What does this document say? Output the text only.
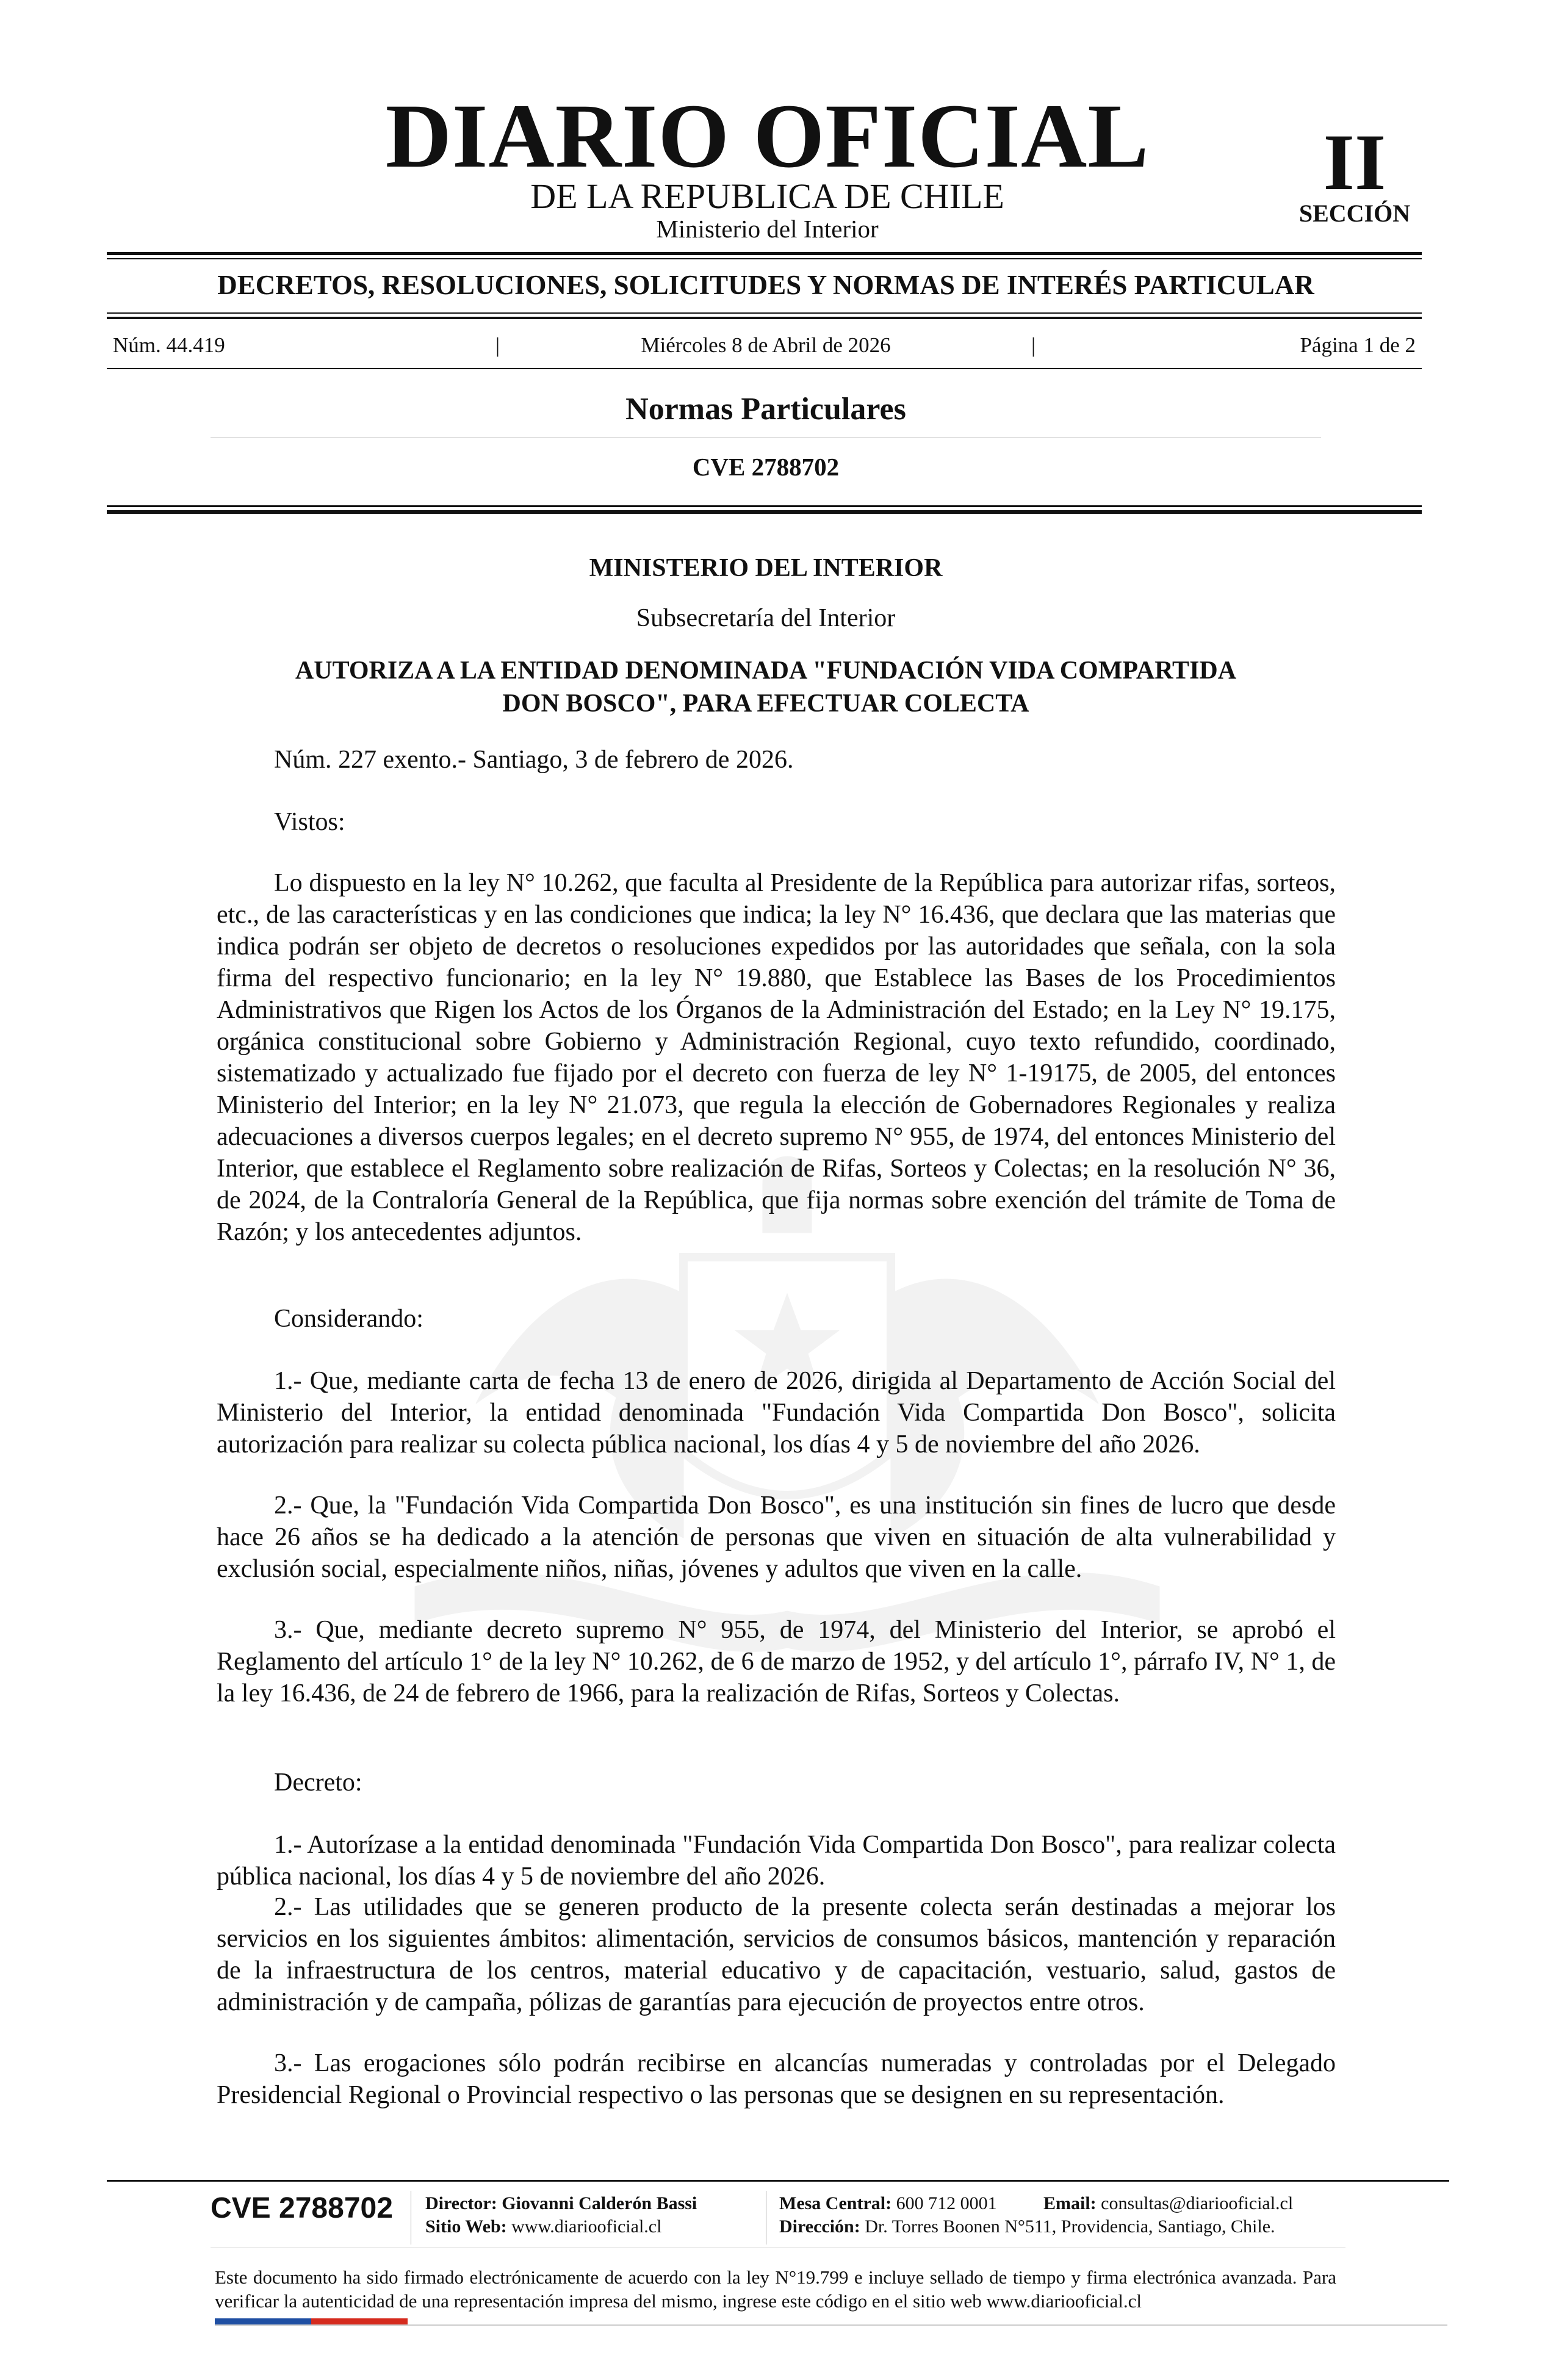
DIARIO OFICIAL
DE LA REPUBLICA DE CHILE
Ministerio del Interior
II
SECCIÓN
DECRETOS, RESOLUCIONES, SOLICITUDES Y NORMAS DE INTERÉS PARTICULAR
Núm. 44.419	|	Miércoles 8 de Abril de 2026	|	Página 1 de 2
Normas Particulares
CVE 2788702
MINISTERIO DEL INTERIOR
Subsecretaría del Interior
AUTORIZA A LA ENTIDAD DENOMINADA "FUNDACIÓN VIDA COMPARTIDA
DON BOSCO", PARA EFECTUAR COLECTA
Núm. 227 exento.- Santiago, 3 de febrero de 2026.
Vistos:
Lo dispuesto en la ley N° 10.262, que faculta al Presidente de la República para autorizar rifas, sorteos, etc., de las características y en las condiciones que indica; la ley N° 16.436, que declara que las materias que indica podrán ser objeto de decretos o resoluciones expedidos por las autoridades que señala, con la sola firma del respectivo funcionario; en la ley N° 19.880, que Establece las Bases de los Procedimientos Administrativos que Rigen los Actos de los Órganos de la Administración del Estado; en la Ley N° 19.175, orgánica constitucional sobre Gobierno y Administración Regional, cuyo texto refundido, coordinado, sistematizado y actualizado fue fijado por el decreto con fuerza de ley N° 1-19175, de 2005, del entonces Ministerio del Interior; en la ley N° 21.073, que regula la elección de Gobernadores Regionales y realiza adecuaciones a diversos cuerpos legales; en el decreto supremo N° 955, de 1974, del entonces Ministerio del Interior, que establece el Reglamento sobre realización de Rifas, Sorteos y Colectas; en la resolución N° 36, de 2024, de la Contraloría General de la República, que fija normas sobre exención del trámite de Toma de Razón; y los antecedentes adjuntos.
Considerando:
1.- Que, mediante carta de fecha 13 de enero de 2026, dirigida al Departamento de Acción Social del Ministerio del Interior, la entidad denominada "Fundación Vida Compartida Don Bosco", solicita autorización para realizar su colecta pública nacional, los días 4 y 5 de noviembre del año 2026.
2.- Que, la "Fundación Vida Compartida Don Bosco", es una institución sin fines de lucro que desde hace 26 años se ha dedicado a la atención de personas que viven en situación de alta vulnerabilidad y exclusión social, especialmente niños, niñas, jóvenes y adultos que viven en la calle.
3.- Que, mediante decreto supremo N° 955, de 1974, del Ministerio del Interior, se aprobó el Reglamento del artículo 1° de la ley N° 10.262, de 6 de marzo de 1952, y del artículo 1°, párrafo IV, N° 1, de la ley 16.436, de 24 de febrero de 1966, para la realización de Rifas, Sorteos y Colectas.
Decreto:
1.- Autorízase a la entidad denominada "Fundación Vida Compartida Don Bosco", para realizar colecta pública nacional, los días 4 y 5 de noviembre del año 2026.
2.- Las utilidades que se generen producto de la presente colecta serán destinadas a mejorar los servicios en los siguientes ámbitos: alimentación, servicios de consumos básicos, mantención y reparación de la infraestructura de los centros, material educativo y de capacitación, vestuario, salud, gastos de administración y de campaña, pólizas de garantías para ejecución de proyectos entre otros.
3.- Las erogaciones sólo podrán recibirse en alcancías numeradas y controladas por el Delegado Presidencial Regional o Provincial respectivo o las personas que se designen en su representación.
CVE 2788702 Director: Giovanni Calderón Bassi
Sitio Web: www.diariooficial.cl
Mesa Central: 600 712 0001	Email: consultas@diariooficial.cl
Dirección: Dr. Torres Boonen N°511, Providencia, Santiago, Chile.
Este documento ha sido firmado electrónicamente de acuerdo con la ley N°19.799 e incluye sellado de tiempo y firma electrónica avanzada. Para verificar la autenticidad de una representación impresa del mismo, ingrese este código en el sitio web www.diariooficial.cl
